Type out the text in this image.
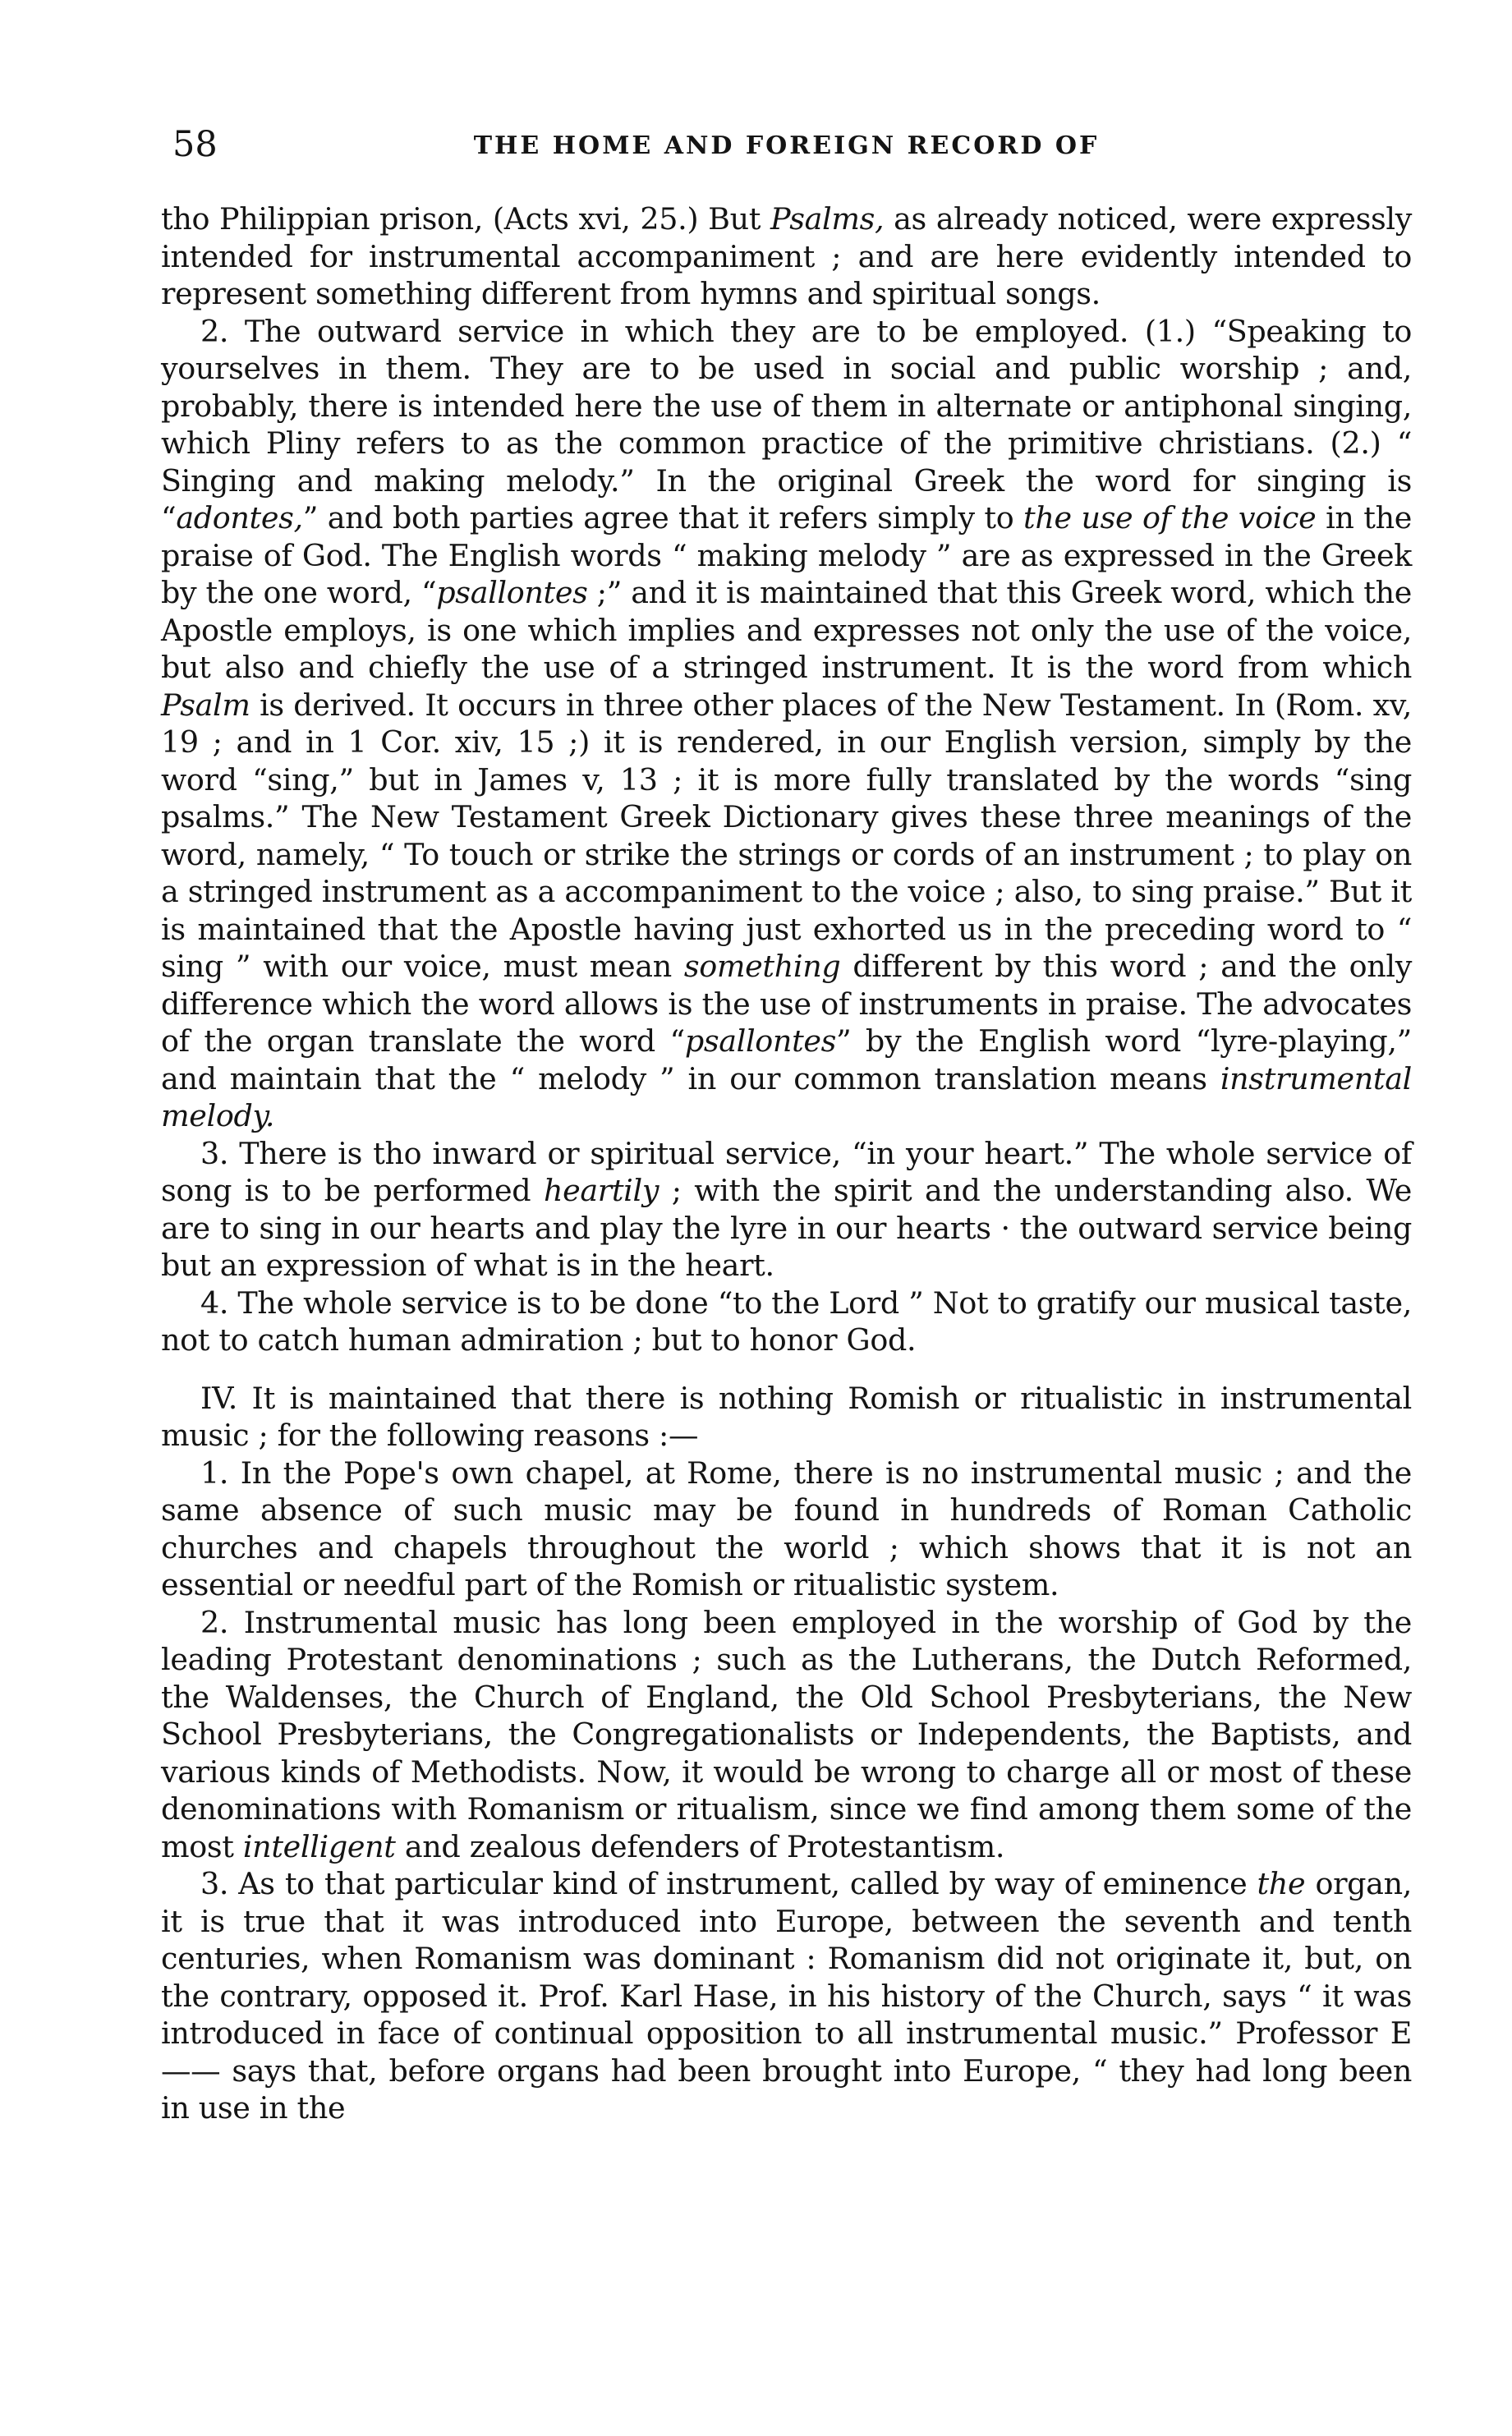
58	THE HOME AND FOREIGN RECORD OF

tho Philippian prison, (Acts xvi, 25.) But Psalms, as already noticed, were expressly intended for instrumental accompaniment ; and are here evidently intended to represent something different from hymns and spiritual songs.

2. The outward service in which they are to be employed. (1.) “Speaking to yourselves in them. They are to be used in social and public worship ; and, probably, there is intended here the use of them in alternate or antiphonal singing, which Pliny refers to as the common practice of the primitive christians. (2.) “ Singing and making melody.” In the original Greek the word for singing is “adontes,” and both parties agree that it refers simply to the use of the voice in the praise of God. The English words “ making melody ” are as expressed in the Greek by the one word, “psallontes ;” and it is maintained that this Greek word, which the Apostle employs, is one which implies and expresses not only the use of the voice, but also and chiefly the use of a stringed instrument. It is the word from which Psalm is derived. It occurs in three other places of the New Testament. In (Rom. xv, 19 ; and in 1 Cor. xiv, 15 ;) it is rendered, in our English version, simply by the word “sing,” but in James v, 13 ; it is more fully translated by the words “sing psalms.” The New Testament Greek Dictionary gives these three meanings of the word, namely, “ To touch or strike the strings or cords of an instrument ; to play on a stringed instrument as a accompaniment to the voice ; also, to sing praise.” But it is maintained that the Apostle having just exhorted us in the preceding word to “ sing ” with our voice, must mean something different by this word ; and the only difference which the word allows is the use of instruments in praise. The advocates of the organ translate the word “psallontes” by the English word “lyre-playing,” and maintain that the “ melody ” in our common translation means instrumental melody.

3. There is tho inward or spiritual service, “in your heart.” The whole service of song is to be performed heartily ; with the spirit and the understanding also. We are to sing in our hearts and play the lyre in our hearts · the outward service being but an expression of what is in the heart.

4. The whole service is to be done “to the Lord ” Not to gratify our musical taste, not to catch human admiration ; but to honor God.

IV. It is maintained that there is nothing Romish or ritualistic in instrumental music ; for the following reasons :—

1. In the Pope's own chapel, at Rome, there is no instrumental music ; and the same absence of such music may be found in hundreds of Roman Catholic churches and chapels throughout the world ; which shows that it is not an essential or needful part of the Romish or ritualistic system.

2. Instrumental music has long been employed in the worship of God by the leading Protestant denominations ; such as the Lutherans, the Dutch Reformed, the Waldenses, the Church of England, the Old School Presbyterians, the New School Presbyterians, the Congregationalists or Independents, the Baptists, and various kinds of Methodists. Now, it would be wrong to charge all or most of these denominations with Romanism or ritualism, since we find among them some of the most intelligent and zealous defenders of Protestantism.

3. As to that particular kind of instrument, called by way of eminence the organ, it is true that it was introduced into Europe, between the seventh and tenth centuries, when Romanism was dominant : Romanism did not originate it, but, on the contrary, opposed it. Prof. Karl Hase, in his history of the Church, says “ it was introduced in face of continual opposition to all instrumental music.” Professor E—— says that, before organs had been brought into Europe, “ they had long been in use in the
